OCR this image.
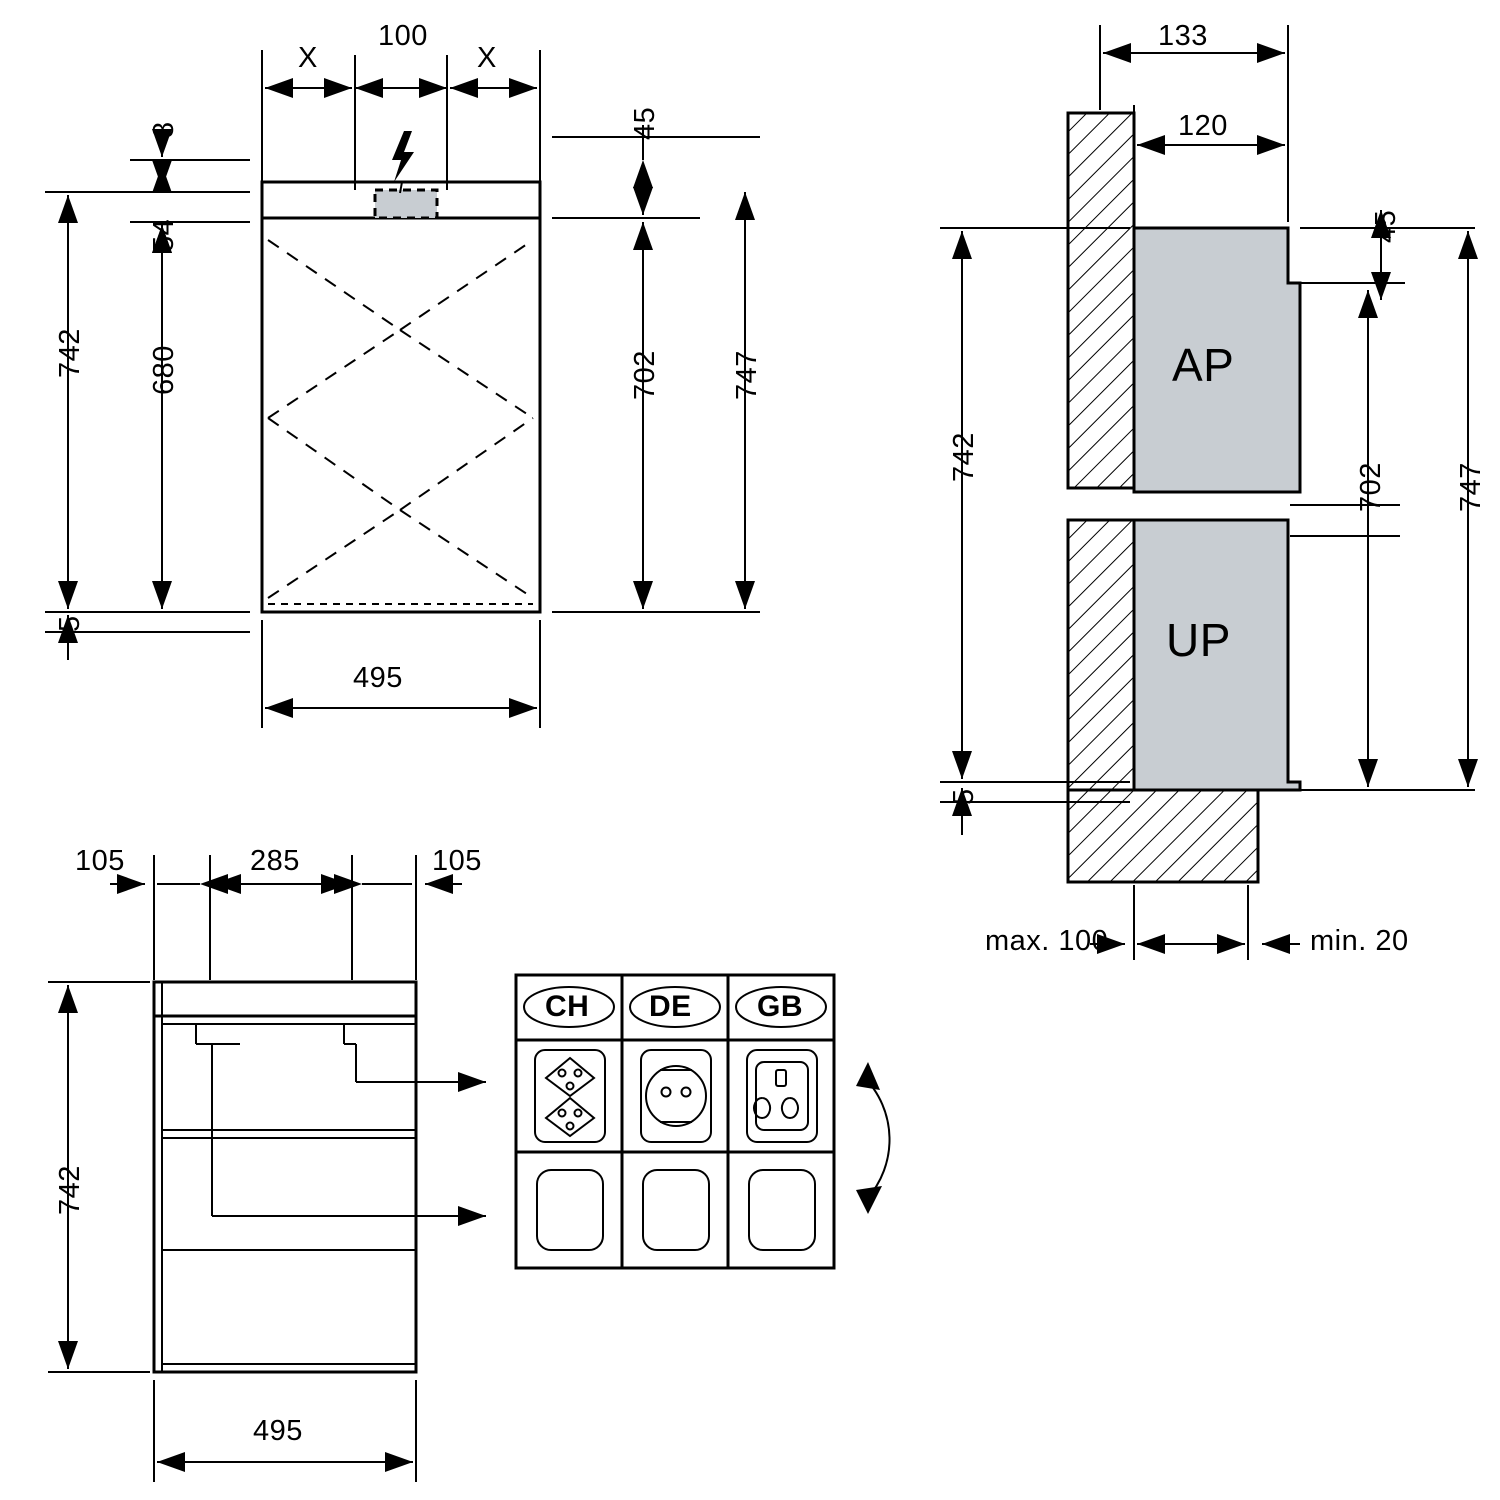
100
X	X
8
54
680
742
5
45
702 747
495
133
120
45
742
702 747
5
max. 100	min. 20
AP
UP
105	285	105
742
495
CH DE GB
